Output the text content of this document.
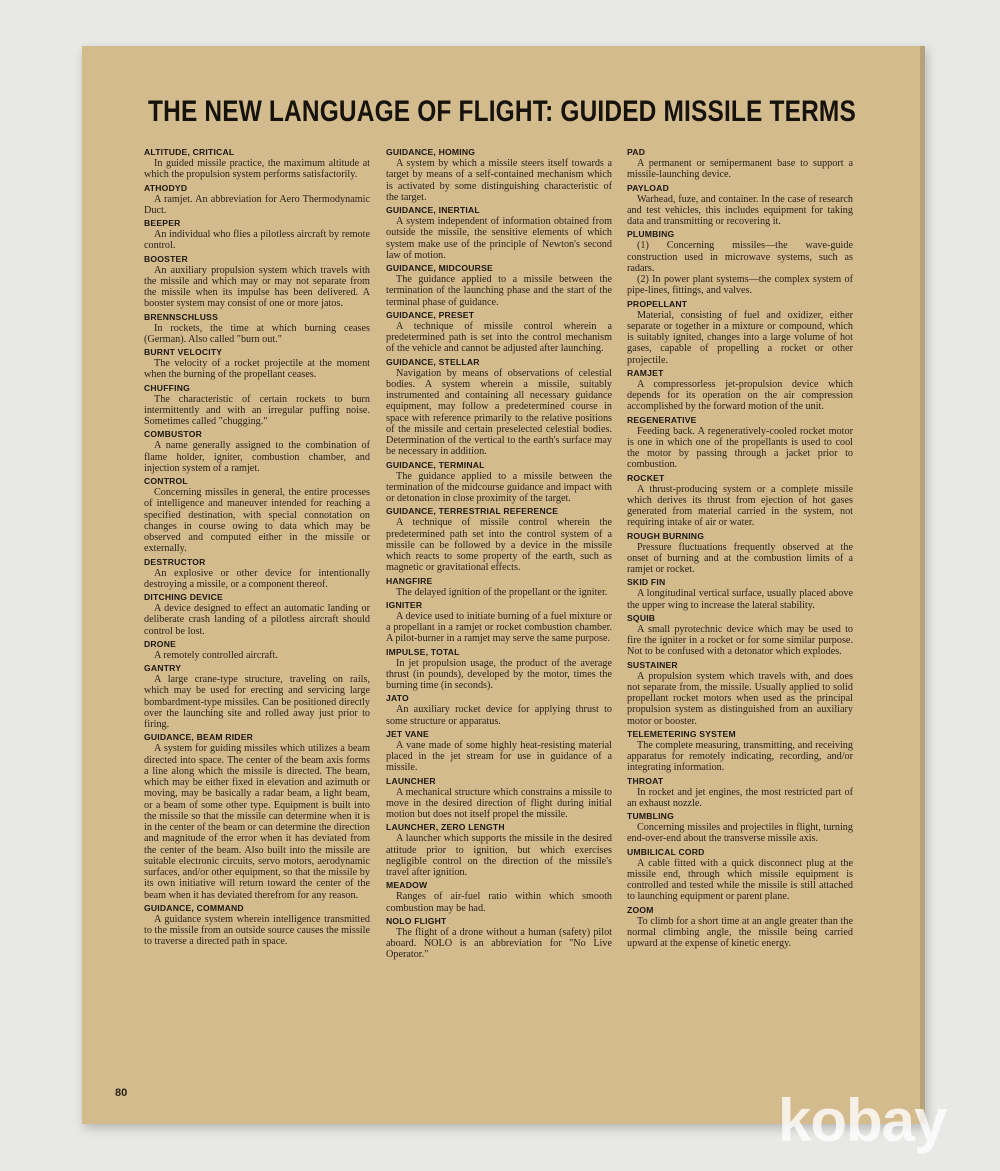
THE NEW LANGUAGE OF FLIGHT: GUIDED MISSILE TERMS
ALTITUDE, CRITICAL
In guided missile practice, the maximum altitude at which the propulsion system performs satisfactorily.
ATHODYD
A ramjet. An abbreviation for Aero Thermodynamic Duct.
BEEPER
An individual who flies a pilotless aircraft by remote control.
BOOSTER
An auxiliary propulsion system which travels with the missile and which may or may not separate from the missile when its impulse has been delivered. A booster system may consist of one or more jatos.
BRENNSCHLUSS
In rockets, the time at which burning ceases (German). Also called "burn out."
BURNT VELOCITY
The velocity of a rocket projectile at the moment when the burning of the propellant ceases.
CHUFFING
The characteristic of certain rockets to burn intermittently and with an irregular puffing noise. Sometimes called "chugging."
COMBUSTOR
A name generally assigned to the combination of flame holder, igniter, combustion chamber, and injection system of a ramjet.
CONTROL
Concerning missiles in general, the entire processes of intelligence and maneuver intended for reaching a specified destination, with special connotation on changes in course owing to data which may be observed and computed either in the missile or externally.
DESTRUCTOR
An explosive or other device for intentionally destroying a missile, or a component thereof.
DITCHING DEVICE
A device designed to effect an automatic landing or deliberate crash landing of a pilotless aircraft should control be lost.
DRONE
A remotely controlled aircraft.
GANTRY
A large crane-type structure, traveling on rails, which may be used for erecting and servicing large bombardment-type missiles. Can be positioned directly over the launching site and rolled away just prior to firing.
GUIDANCE, BEAM RIDER
A system for guiding missiles which utilizes a beam directed into space. The center of the beam axis forms a line along which the missile is directed. The beam, which may be either fixed in elevation and azimuth or moving, may be basically a radar beam, a light beam, or a beam of some other type. Equipment is built into the missile so that the missile can determine when it is in the center of the beam or can determine the direction and magnitude of the error when it has deviated from the center of the beam. Also built into the missile are suitable electronic circuits, servo motors, aerodynamic surfaces, and/or other equipment, so that the missile by its own initiative will return toward the center of the beam when it has deviated therefrom for any reason.
GUIDANCE, COMMAND
A guidance system wherein intelligence transmitted to the missile from an outside source causes the missile to traverse a directed path in space.
GUIDANCE, HOMING
A system by which a missile steers itself towards a target by means of a self-contained mechanism which is activated by some distinguishing characteristic of the target.
GUIDANCE, INERTIAL
A system independent of information obtained from outside the missile, the sensitive elements of which system make use of the principle of Newton's second law of motion.
GUIDANCE, MIDCOURSE
The guidance applied to a missile between the termination of the launching phase and the start of the terminal phase of guidance.
GUIDANCE, PRESET
A technique of missile control wherein a predetermined path is set into the control mechanism of the vehicle and cannot be adjusted after launching.
GUIDANCE, STELLAR
Navigation by means of observations of celestial bodies. A system wherein a missile, suitably instrumented and containing all necessary guidance equipment, may follow a predetermined course in space with reference primarily to the relative positions of the missile and certain preselected celestial bodies. Determination of the vertical to the earth's surface may be necessary in addition.
GUIDANCE, TERMINAL
The guidance applied to a missile between the termination of the midcourse guidance and impact with or detonation in close proximity of the target.
GUIDANCE, TERRESTRIAL REFERENCE
A technique of missile control wherein the predetermined path set into the control system of a missile can be followed by a device in the missile which reacts to some property of the earth, such as magnetic or gravitational effects.
HANGFIRE
The delayed ignition of the propellant or the igniter.
IGNITER
A device used to initiate burning of a fuel mixture or a propellant in a ramjet or rocket combustion chamber. A pilot-burner in a ramjet may serve the same purpose.
IMPULSE, TOTAL
In jet propulsion usage, the product of the average thrust (in pounds), developed by the motor, times the burning time (in seconds).
JATO
An auxiliary rocket device for applying thrust to some structure or apparatus.
JET VANE
A vane made of some highly heat-resisting material placed in the jet stream for use in guidance of a missile.
LAUNCHER
A mechanical structure which constrains a missile to move in the desired direction of flight during initial motion but does not itself propel the missile.
LAUNCHER, ZERO LENGTH
A launcher which supports the missile in the desired attitude prior to ignition, but which exercises negligible control on the direction of the missile's travel after ignition.
MEADOW
Ranges of air-fuel ratio within which smooth combustion may be had.
NOLO FLIGHT
The flight of a drone without a human (safety) pilot aboard. NOLO is an abbreviation for "No Live Operator."
PAD
A permanent or semipermanent base to support a missile-launching device.
PAYLOAD
Warhead, fuze, and container. In the case of research and test vehicles, this includes equipment for taking data and transmitting or recovering it.
PLUMBING
(1) Concerning missiles—the wave-guide construction used in microwave systems, such as radars.
(2) In power plant systems—the complex system of pipe-lines, fittings, and valves.
PROPELLANT
Material, consisting of fuel and oxidizer, either separate or together in a mixture or compound, which is suitably ignited, changes into a large volume of hot gases, capable of propelling a rocket or other projectile.
RAMJET
A compressorless jet-propulsion device which depends for its operation on the air compression accomplished by the forward motion of the unit.
REGENERATIVE
Feeding back. A regeneratively-cooled rocket motor is one in which one of the propellants is used to cool the motor by passing through a jacket prior to combustion.
ROCKET
A thrust-producing system or a complete missile which derives its thrust from ejection of hot gases generated from material carried in the system, not requiring intake of air or water.
ROUGH BURNING
Pressure fluctuations frequently observed at the onset of burning and at the combustion limits of a ramjet or rocket.
SKID FIN
A longitudinal vertical surface, usually placed above the upper wing to increase the lateral stability.
SQUIB
A small pyrotechnic device which may be used to fire the igniter in a rocket or for some similar purpose. Not to be confused with a detonator which explodes.
SUSTAINER
A propulsion system which travels with, and does not separate from, the missile. Usually applied to solid propellant rocket motors when used as the principal propulsion system as distinguished from an auxiliary motor or booster.
TELEMETERING SYSTEM
The complete measuring, transmitting, and receiving apparatus for remotely indicating, recording, and/or integrating information.
THROAT
In rocket and jet engines, the most restricted part of an exhaust nozzle.
TUMBLING
Concerning missiles and projectiles in flight, turning end-over-end about the transverse missile axis.
UMBILICAL CORD
A cable fitted with a quick disconnect plug at the missile end, through which missile equipment is controlled and tested while the missile is still attached to launching equipment or parent plane.
ZOOM
To climb for a short time at an angle greater than the normal climbing angle, the missile being carried upward at the expense of kinetic energy.
80	kobay
